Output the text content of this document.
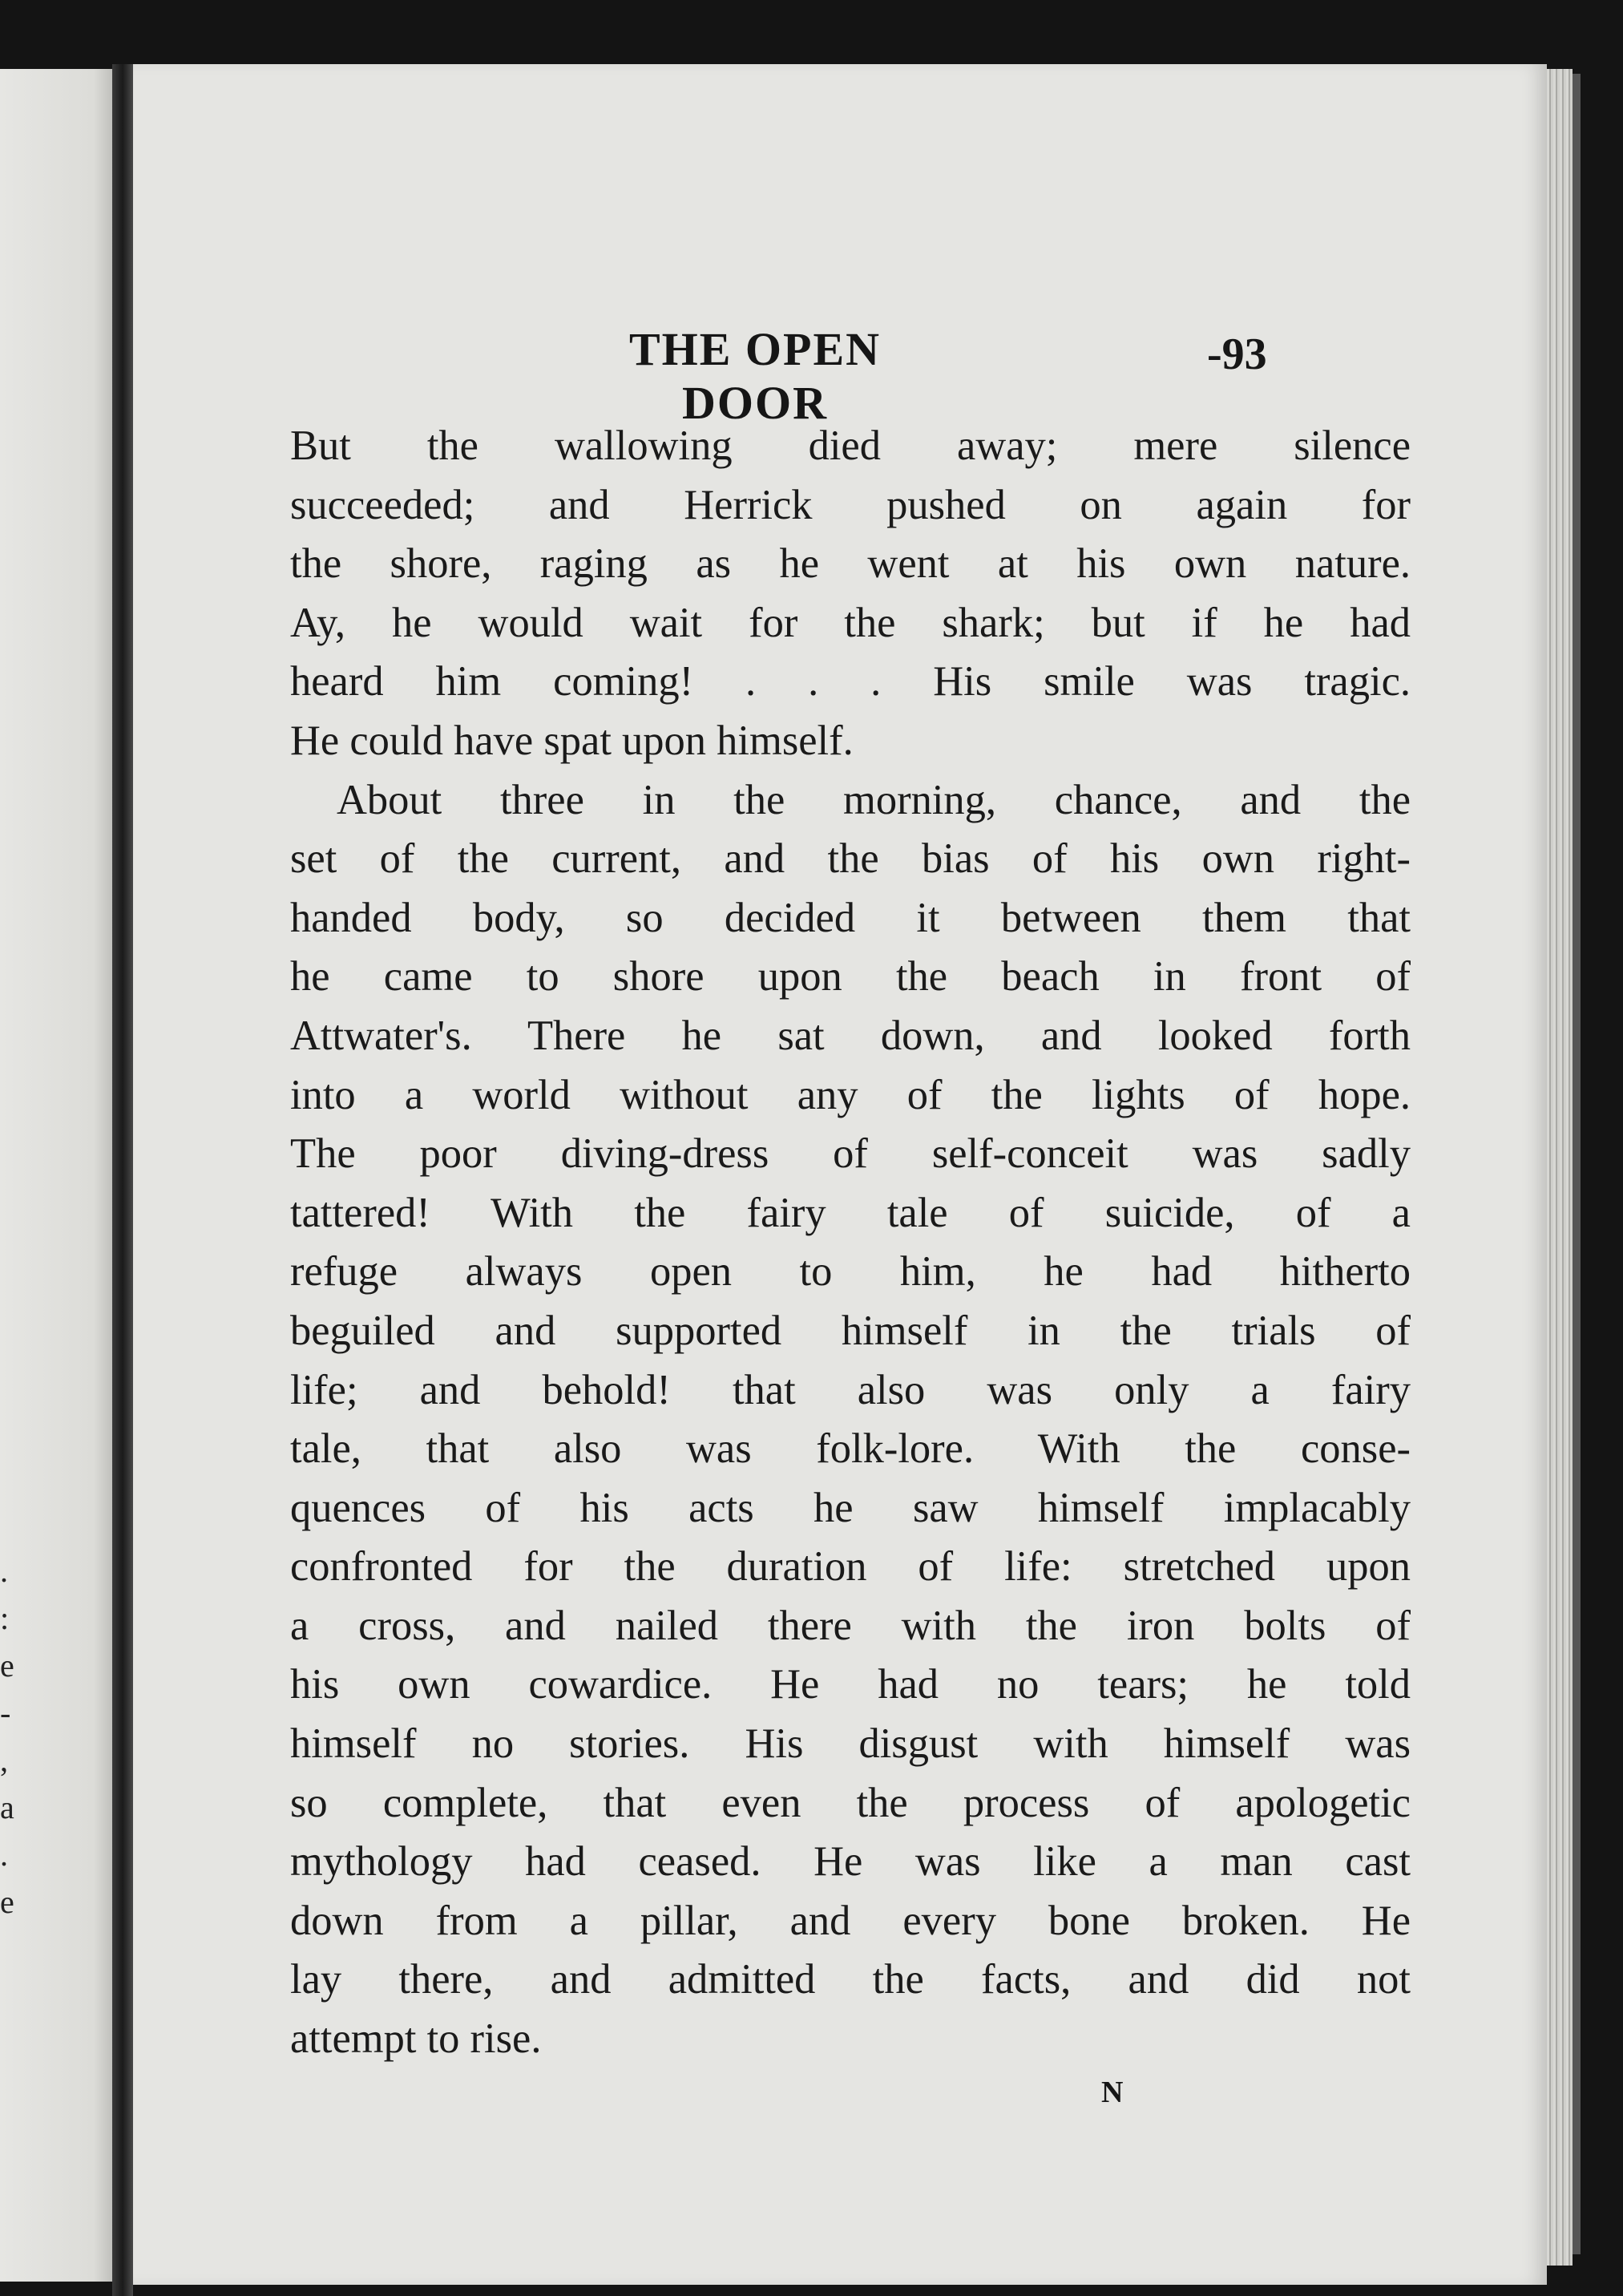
.
:
e
-
,
a
.
e
THE OPEN DOOR
-93
But the wallowing died away; mere silence
succeeded; and Herrick pushed on again for
the shore, raging as he went at his own nature.
Ay, he would wait for the shark; but if he had
heard him coming! . . . His smile was tragic.
He could have spat upon himself.
About three in the morning, chance, and the
set of the current, and the bias of his own right-
handed body, so decided it between them that
he came to shore upon the beach in front of
Attwater's. There he sat down, and looked forth
into a world without any of the lights of hope.
The poor diving-dress of self-conceit was sadly
tattered! With the fairy tale of suicide, of a
refuge always open to him, he had hitherto
beguiled and supported himself in the trials of
life; and behold! that also was only a fairy
tale, that also was folk-lore. With the conse-
quences of his acts he saw himself implacably
confronted for the duration of life: stretched upon
a cross, and nailed there with the iron bolts of
his own cowardice. He had no tears; he told
himself no stories. His disgust with himself was
so complete, that even the process of apologetic
mythology had ceased. He was like a man cast
down from a pillar, and every bone broken. He
lay there, and admitted the facts, and did not
attempt to rise.
N
